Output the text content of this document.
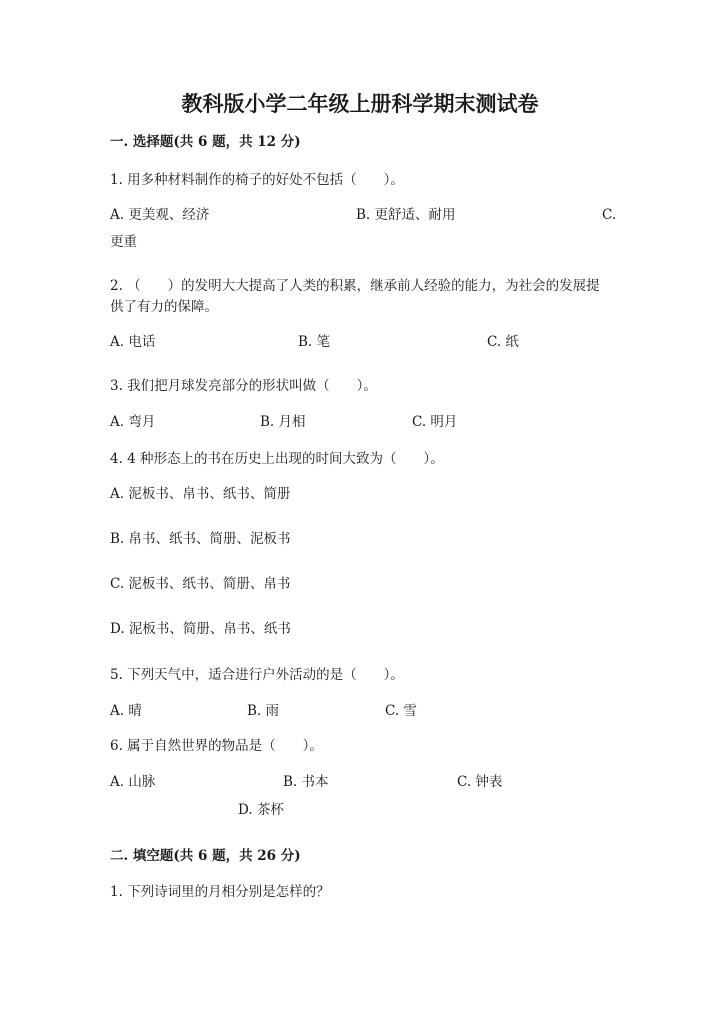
教科版小学二年级上册科学期末测试卷
一. 选择题(共 6 题，共 12 分)
1. 用多种材料制作的椅子的好处不包括（　　）。
A. 更美观、经济	B. 更舒适、耐用	C.
更重
2. （　　）的发明大大提高了人类的积累，继承前人经验的能力，为社会的发展提供了有力的保障。
A. 电话	B. 笔	C. 纸
3. 我们把月球发亮部分的形状叫做（　　）。
A. 弯月	B. 月相	C. 明月
4. 4 种形态上的书在历史上出现的时间大致为（　　）。
A. 泥板书、帛书、纸书、简册
B. 帛书、纸书、简册、泥板书
C. 泥板书、纸书、简册、帛书
D. 泥板书、简册、帛书、纸书
5. 下列天气中，适合进行户外活动的是（　　）。
A. 晴	B. 雨	C. 雪
6. 属于自然世界的物品是（　　）。
A. 山脉	B. 书本	C. 钟表
D. 茶杯
二. 填空题(共 6 题，共 26 分)
1. 下列诗词里的月相分别是怎样的？
